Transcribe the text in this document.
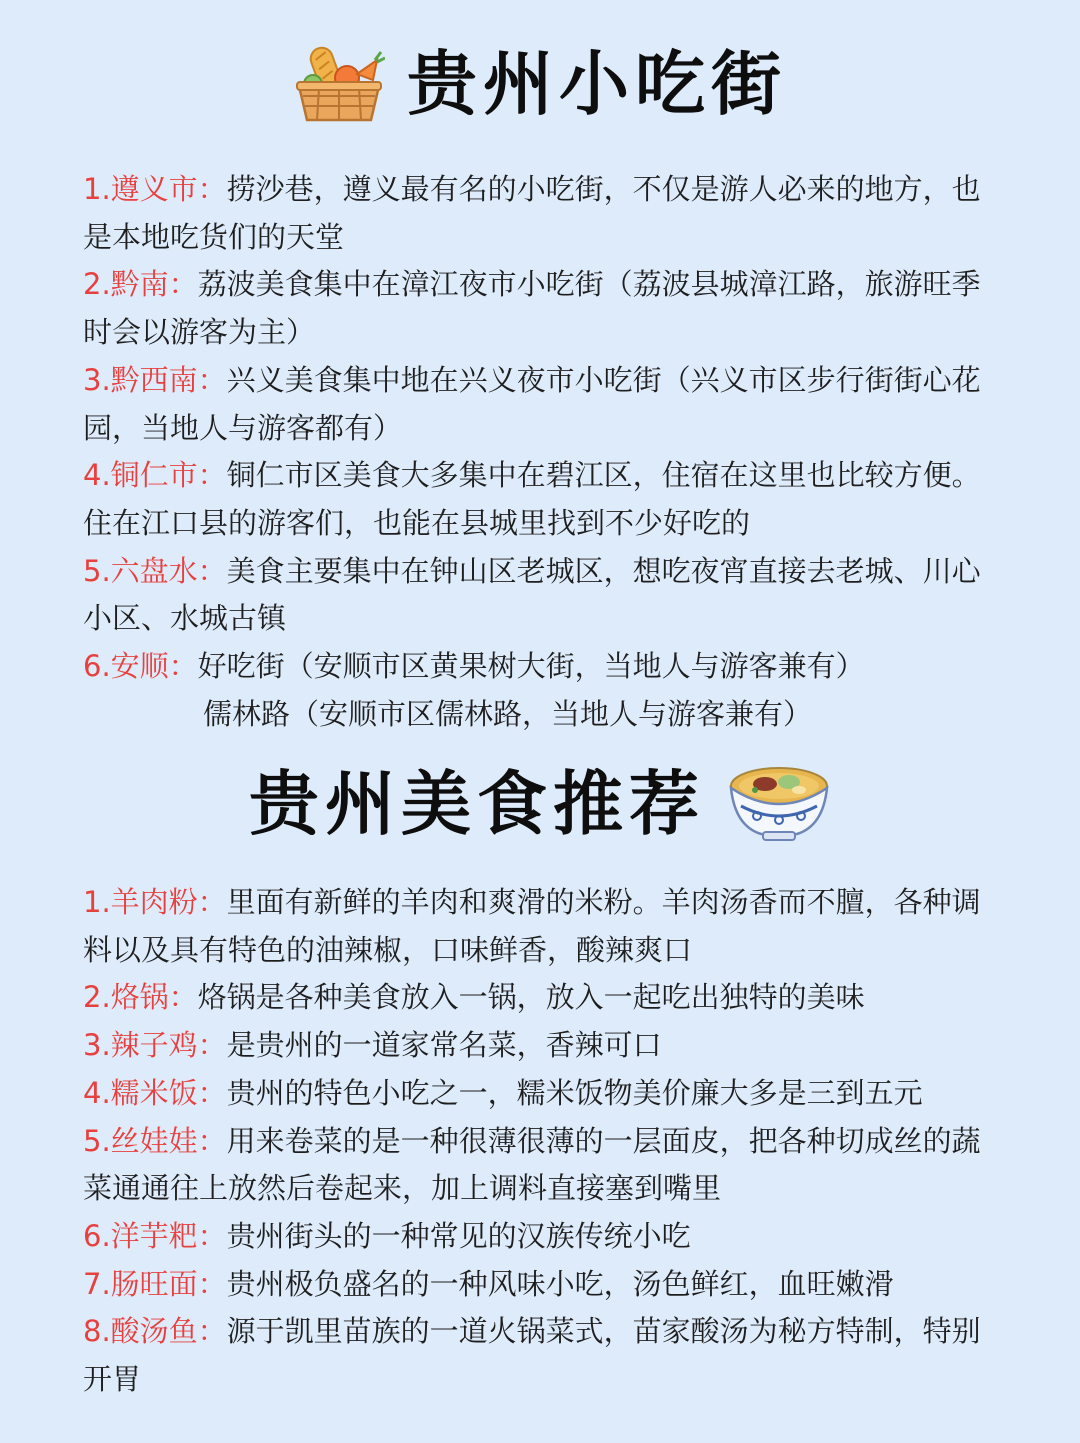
贵州小吃街
1.遵义市：捞沙巷，遵义最有名的小吃街，不仅是游人必来的地方，也是本地吃货们的天堂
2.黔南：荔波美食集中在漳江夜市小吃街（荔波县城漳江路，旅游旺季时会以游客为主）
3.黔西南：兴义美食集中地在兴义夜市小吃街（兴义市区步行街街心花园，当地人与游客都有）
4.铜仁市：铜仁市区美食大多集中在碧江区，住宿在这里也比较方便。住在江口县的游客们，也能在县城里找到不少好吃的
5.六盘水：美食主要集中在钟山区老城区，想吃夜宵直接去老城、川心小区、水城古镇
6.安顺：好吃街（安顺市区黄果树大街，当地人与游客兼有）
儒林路（安顺市区儒林路，当地人与游客兼有）
贵州美食推荐
1.羊肉粉：里面有新鲜的羊肉和爽滑的米粉。羊肉汤香而不膻，各种调料以及具有特色的油辣椒，口味鲜香，酸辣爽口
2.烙锅：烙锅是各种美食放入一锅，放入一起吃出独特的美味
3.辣子鸡：是贵州的一道家常名菜，香辣可口
4.糯米饭：贵州的特色小吃之一，糯米饭物美价廉大多是三到五元
5.丝娃娃：用来卷菜的是一种很薄很薄的一层面皮，把各种切成丝的蔬菜通通往上放然后卷起来，加上调料直接塞到嘴里
6.洋芋粑：贵州街头的一种常见的汉族传统小吃
7.肠旺面：贵州极负盛名的一种风味小吃，汤色鲜红，血旺嫩滑
8.酸汤鱼：源于凯里苗族的一道火锅菜式，苗家酸汤为秘方特制，特别开胃
